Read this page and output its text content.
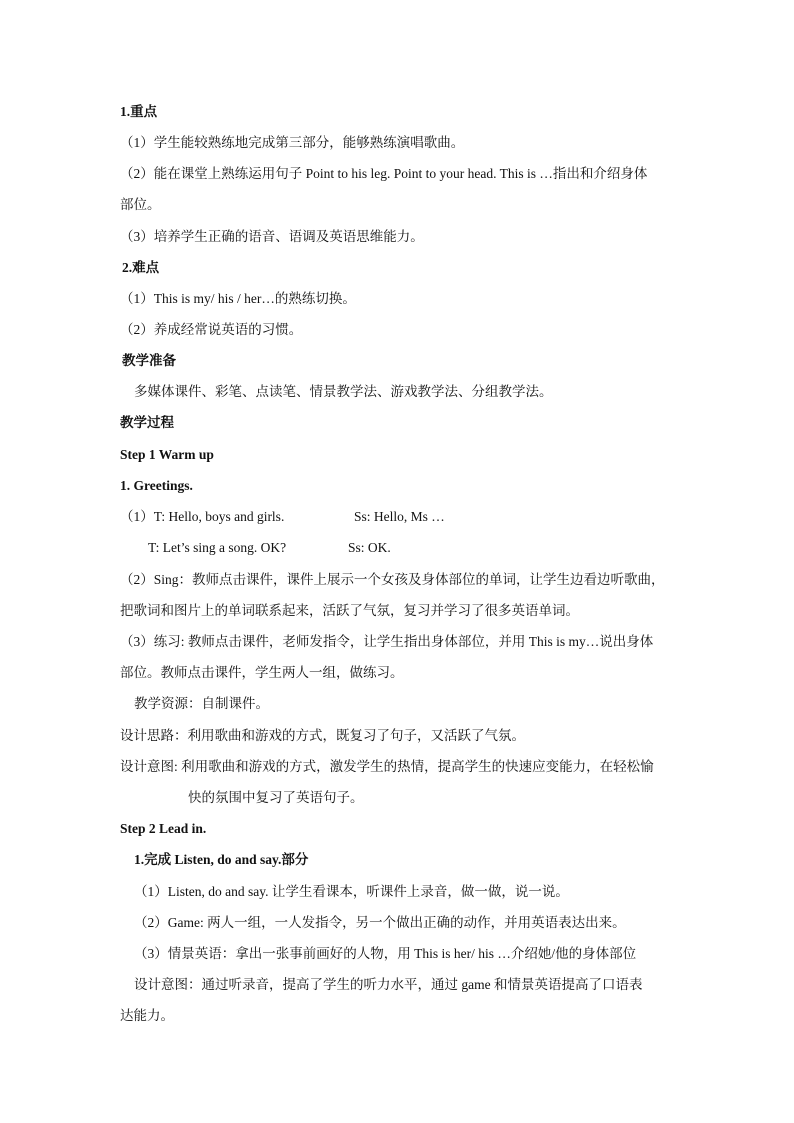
1.重点
（1）学生能较熟练地完成第三部分，能够熟练演唱歌曲。
（2）能在课堂上熟练运用句子 Point to his leg. Point to your head. This is …指出和介绍身体
部位。
（3）培养学生正确的语音、语调及英语思维能力。
2.难点
（1）This is my/ his / her…的熟练切换。
（2）养成经常说英语的习惯。
教学准备
多媒体课件、彩笔、点读笔、情景教学法、游戏教学法、分组教学法。
教学过程
Step 1 Warm up
1. Greetings.
（1）T: Hello, boys and girls.	Ss: Hello, Ms …
T: Let’s sing a song. OK?	Ss: OK.
（2）Sing：教师点击课件，课件上展示一个女孩及身体部位的单词，让学生边看边听歌曲，
把歌词和图片上的单词联系起来，活跃了气氛，复习并学习了很多英语单词。
（3）练习: 教师点击课件，老师发指令，让学生指出身体部位，并用 This is my…说出身体
部位。教师点击课件，学生两人一组，做练习。
教学资源：自制课件。
设计思路：利用歌曲和游戏的方式，既复习了句子，又活跃了气氛。
设计意图: 利用歌曲和游戏的方式，激发学生的热情，提高学生的快速应变能力，在轻松愉
快的氛围中复习了英语句子。
Step 2 Lead in.
1.完成 Listen, do and say.部分
（1）Listen, do and say. 让学生看课本，听课件上录音，做一做，说一说。
（2）Game: 两人一组，一人发指令，另一个做出正确的动作，并用英语表达出来。
（3）情景英语：拿出一张事前画好的人物，用 This is her/ his …介绍她/他的身体部位
设计意图：通过听录音，提高了学生的听力水平，通过 game 和情景英语提高了口语表
达能力。
